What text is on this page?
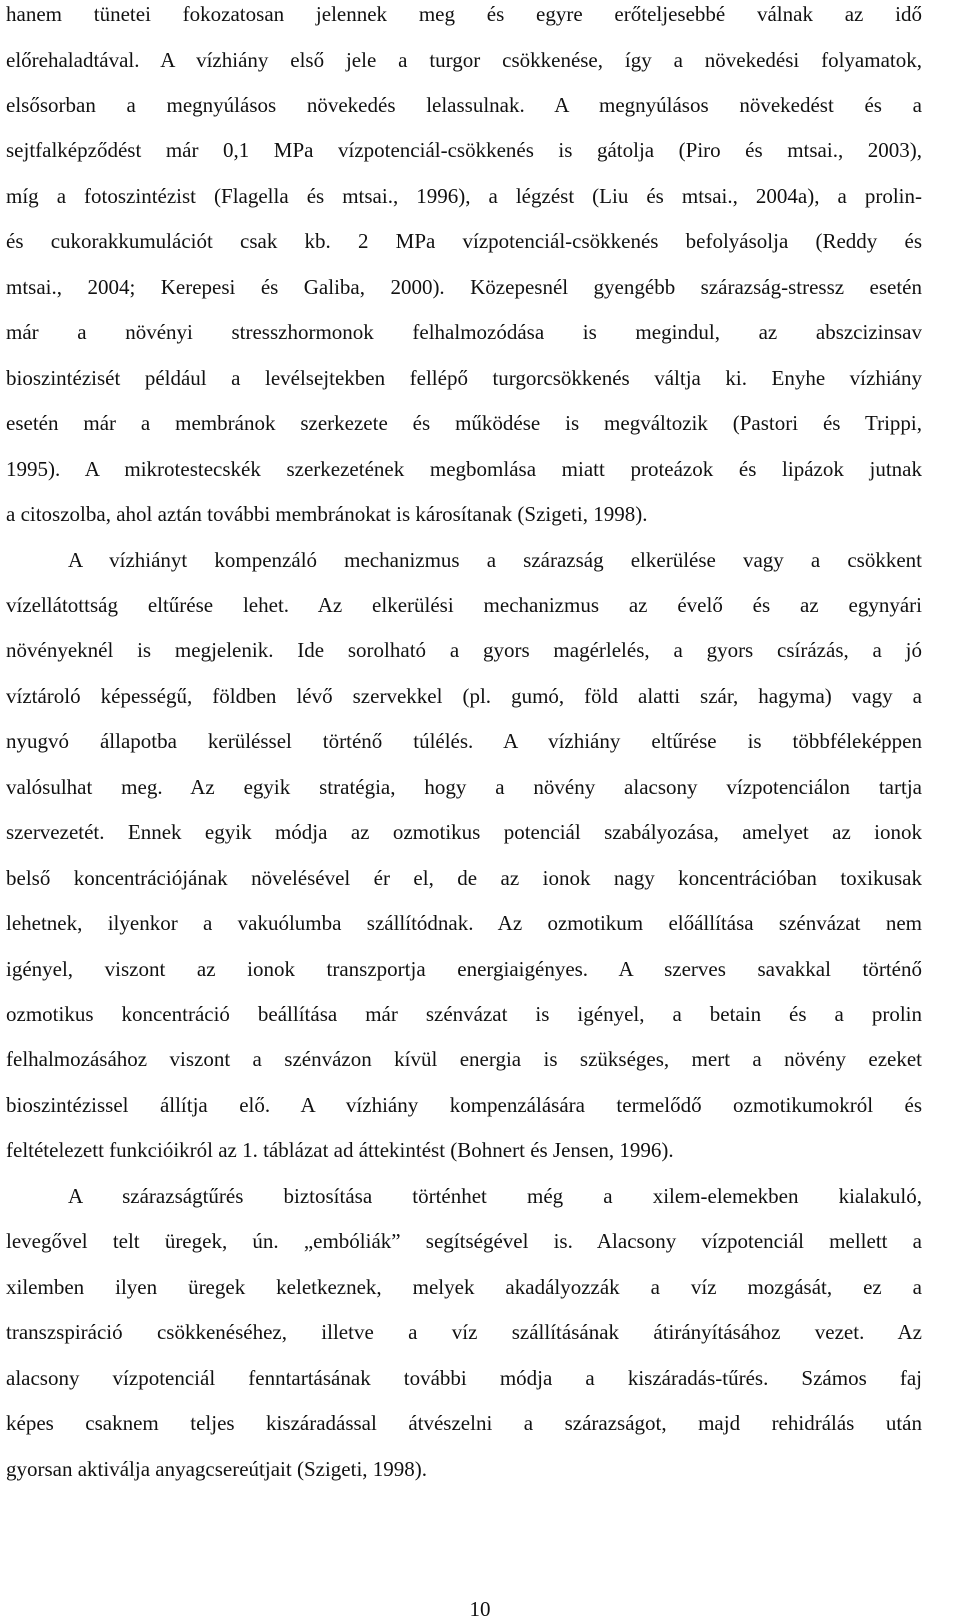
hanem tünetei fokozatosan jelennek meg és egyre erőteljesebbé válnak az idő
előrehaladtával. A vízhiány első jele a turgor csökkenése, így a növekedési folyamatok,
elsősorban a megnyúlásos növekedés lelassulnak. A megnyúlásos növekedést és a
sejtfalképződést már 0,1 MPa vízpotenciál-csökkenés is gátolja (Piro és mtsai., 2003),
míg a fotoszintézist (Flagella és mtsai., 1996), a légzést (Liu és mtsai., 2004a), a prolin-
és cukorakkumulációt csak kb. 2 MPa vízpotenciál-csökkenés befolyásolja (Reddy és
mtsai., 2004; Kerepesi és Galiba, 2000). Közepesnél gyengébb szárazság-stressz esetén
már a növényi stresszhormonok felhalmozódása is megindul, az abszcizinsav
bioszintézisét például a levélsejtekben fellépő turgorcsökkenés váltja ki. Enyhe vízhiány
esetén már a membránok szerkezete és működése is megváltozik (Pastori és Trippi,
1995). A mikrotestecskék szerkezetének megbomlása miatt proteázok és lipázok jutnak
a citoszolba, ahol aztán további membránokat is károsítanak (Szigeti, 1998).
A vízhiányt kompenzáló mechanizmus a szárazság elkerülése vagy a csökkent
vízellátottság eltűrése lehet. Az elkerülési mechanizmus az évelő és az egynyári
növényeknél is megjelenik. Ide sorolható a gyors magérlelés, a gyors csírázás, a jó
víztároló képességű, földben lévő szervekkel (pl. gumó, föld alatti szár, hagyma) vagy a
nyugvó állapotba kerüléssel történő túlélés. A vízhiány eltűrése is többféleképpen
valósulhat meg. Az egyik stratégia, hogy a növény alacsony vízpotenciálon tartja
szervezetét. Ennek egyik módja az ozmotikus potenciál szabályozása, amelyet az ionok
belső koncentrációjának növelésével ér el, de az ionok nagy koncentrációban toxikusak
lehetnek, ilyenkor a vakuólumba szállítódnak. Az ozmotikum előállítása szénvázat nem
igényel, viszont az ionok transzportja energiaigényes. A szerves savakkal történő
ozmotikus koncentráció beállítása már szénvázat is igényel, a betain és a prolin
felhalmozásához viszont a szénvázon kívül energia is szükséges, mert a növény ezeket
bioszintézissel állítja elő. A vízhiány kompenzálására termelődő ozmotikumokról és
feltételezett funkcióikról az 1. táblázat ad áttekintést (Bohnert és Jensen, 1996).
A szárazságtűrés biztosítása történhet még a xilem-elemekben kialakuló,
levegővel telt üregek, ún. „embóliák” segítségével is. Alacsony vízpotenciál mellett a
xilemben ilyen üregek keletkeznek, melyek akadályozzák a víz mozgását, ez a
transzspiráció csökkenéséhez, illetve a víz szállításának átirányításához vezet. Az
alacsony vízpotenciál fenntartásának további módja a kiszáradás-tűrés. Számos faj
képes csaknem teljes kiszáradással átvészelni a szárazságot, majd rehidrálás után
gyorsan aktiválja anyagcsereútjait (Szigeti, 1998).
10
